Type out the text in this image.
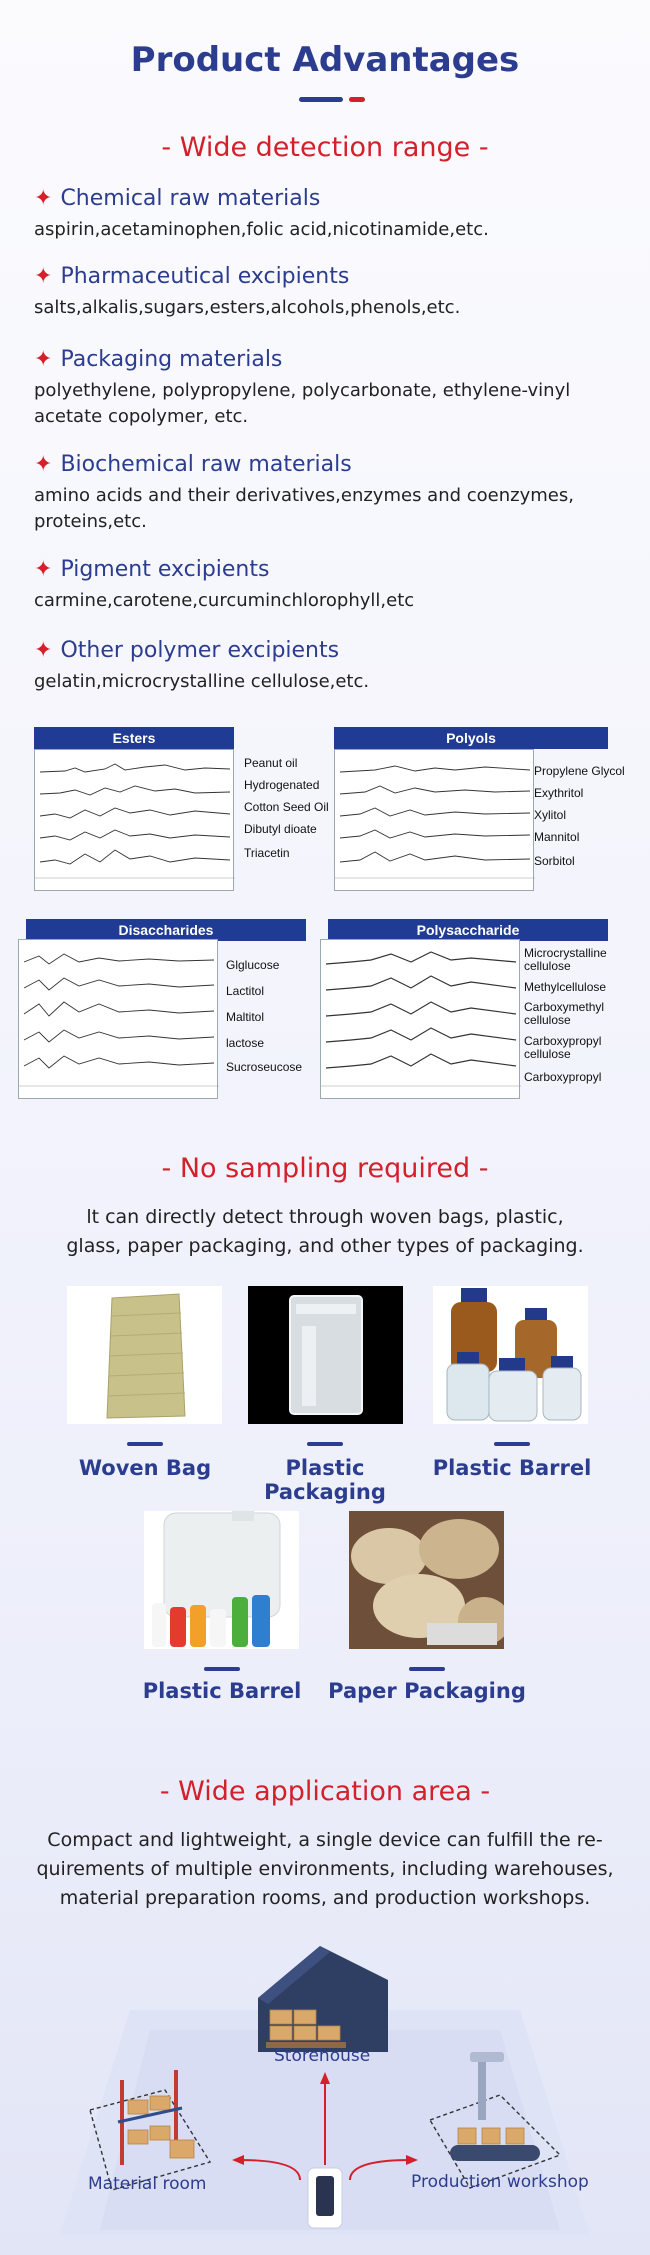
Product Advantages
- Wide detection range -
✦ Chemical raw materials
aspirin,acetaminophen,folic acid,nicotinamide,etc.
✦ Pharmaceutical excipients
salts,alkalis,sugars,esters,alcohols,phenols,etc.
✦ Packaging materials
polyethylene, polypropylene, polycarbonate, ethylene-vinyl acetate copolymer, etc.
✦ Biochemical raw materials
amino acids and their derivatives,enzymes and coenzymes, proteins,etc.
✦ Pigment excipients
carmine,carotene,curcuminchlorophyll,etc
✦ Other polymer excipients
gelatin,microcrystalline cellulose,etc.
Esters
Peanut oil
Hydrogenated
Cotton Seed Oil
Dibutyl dioate
Triacetin
Polyols
Propylene Glycol
Exythritol
Xylitol
Mannitol
Sorbitol
Disaccharides
Glglucose
Lactitol
Maltitol
lactose
Sucroseucose
Polysaccharide
Microcrystalline cellulose
Methylcellulose
Carboxymethyl cellulose
Carboxypropyl cellulose
Carboxypropyl
- No sampling required -
lt can directly detect through woven bags, plastic,
glass, paper packaging, and other types of packaging.
Woven Bag	Plastic Packaging
Plastic Barrel
Plastic Barrel	Paper Packaging
- Wide application area -
Compact and lightweight, a single device can fulfill the re-
quirements of multiple environments, including warehouses,
material preparation rooms, and production workshops.
Storehouse
Material room	Production workshop
